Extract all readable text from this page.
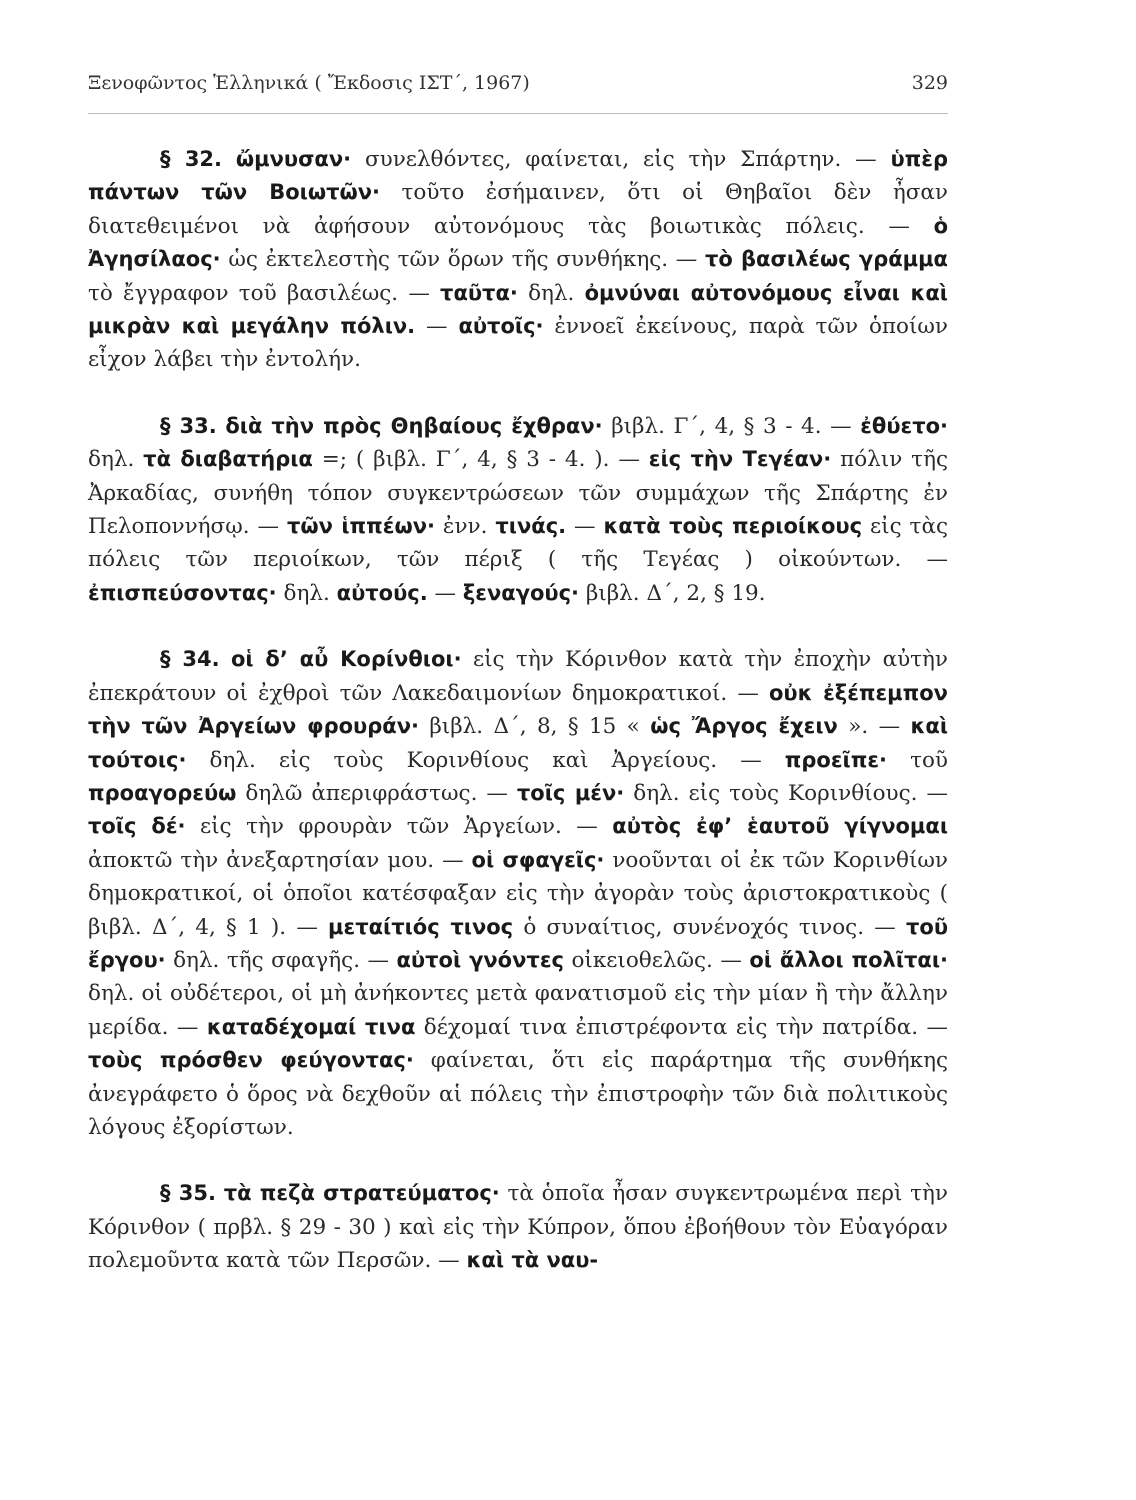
Ξενοφῶντος Ἑλληνικά ( Ἔκδοσις ΙΣΤ΄, 1967)	329

§ 32. ὤμνυσαν· συνελθόντες, φαίνεται, εἰς τὴν Σπάρτην. — ὑπὲρ πάντων τῶν Βοιωτῶν· τοῦτο ἐσήμαινεν, ὅτι οἱ Θηβαῖοι δὲν ἦσαν διατεθειμένοι νὰ ἀφήσουν αὐτονόμους τὰς βοιωτικὰς πόλεις. — ὁ Ἀγησίλαος· ὡς ἐκτελεστὴς τῶν ὅρων τῆς συνθήκης. — τὸ βασιλέως γράμμα τὸ ἔγγραφον τοῦ βασιλέως. — ταῦτα· δηλ. ὀμνύναι αὐτονόμους εἶναι καὶ μικρὰν καὶ μεγάλην πόλιν. — αὐτοῖς· ἐννοεῖ ἐκείνους, παρὰ τῶν ὁποίων εἶχον λάβει τὴν ἐντολήν.

§ 33. διὰ τὴν πρὸς Θηβαίους ἔχθραν· βιβλ. Γ΄, 4, § 3 - 4. — ἐθύετο· δηλ. τὰ διαβατήρια =; ( βιβλ. Γ΄, 4, § 3 - 4. ). — εἰς τὴν Τεγέαν· πόλιν τῆς Ἀρκαδίας, συνήθη τόπον συγκεντρώσεων τῶν συμμάχων τῆς Σπάρτης ἐν Πελοποννήσῳ. — τῶν ἱππέων· ἐνν. τινάς. — κατὰ τοὺς περιοίκους εἰς τὰς πόλεις τῶν περιοίκων, τῶν πέριξ ( τῆς Τεγέας ) οἰκούντων. — ἐπισπεύσοντας· δηλ. αὐτούς. — ξεναγούς· βιβλ. Δ΄, 2, § 19.

§ 34. οἱ δ’ αὖ Κορίνθιοι· εἰς τὴν Κόρινθον κατὰ τὴν ἐποχὴν αὐτὴν ἐπεκράτουν οἱ ἐχθροὶ τῶν Λακεδαιμονίων δημοκρατικοί. — οὐκ ἐξέπεμπον τὴν τῶν Ἀργείων φρουράν· βιβλ. Δ΄, 8, § 15 « ὡς Ἄργος ἔχειν ». — καὶ τούτοις· δηλ. εἰς τοὺς Κορινθίους καὶ Ἀργείους. — προεῖπε· τοῦ προαγορεύω δηλῶ ἀπεριφράστως. — τοῖς μέν· δηλ. εἰς τοὺς Κορινθίους. — τοῖς δέ· εἰς τὴν φρουρὰν τῶν Ἀργείων. — αὐτὸς ἐφ’ ἑαυτοῦ γίγνομαι ἀποκτῶ τὴν ἀνεξαρτησίαν μου. — οἱ σφαγεῖς· νοοῦνται οἱ ἐκ τῶν Κορινθίων δημοκρατικοί, οἱ ὁποῖοι κατέσφαξαν εἰς τὴν ἀγορὰν τοὺς ἀριστοκρατικοὺς ( βιβλ. Δ΄, 4, § 1 ). — μεταίτιός τινος ὁ συναίτιος, συνένοχός τινος. — τοῦ ἔργου· δηλ. τῆς σφαγῆς. — αὐτοὶ γνόντες οἰκειοθελῶς. — οἱ ἄλλοι πολῖται· δηλ. οἱ οὐδέτεροι, οἱ μὴ ἀνήκοντες μετὰ φανατισμοῦ εἰς τὴν μίαν ἢ τὴν ἄλλην μερίδα. — καταδέχομαί τινα δέχομαί τινα ἐπιστρέφοντα εἰς τὴν πατρίδα. — τοὺς πρόσθεν φεύγοντας· φαίνεται, ὅτι εἰς παράρτημα τῆς συνθήκης ἀνεγράφετο ὁ ὅρος νὰ δεχθοῦν αἱ πόλεις τὴν ἐπιστροφὴν τῶν διὰ πολιτικοὺς λόγους ἐξορίστων.

§ 35. τὰ πεζὰ στρατεύματος· τὰ ὁποῖα ἦσαν συγκεντρωμένα περὶ τὴν Κόρινθον ( πρβλ. § 29 - 30 ) καὶ εἰς τὴν Κύπρον, ὅπου ἐβοήθουν τὸν Εὐαγόραν πολεμοῦντα κατὰ τῶν Περσῶν. — καὶ τὰ ναυ-
